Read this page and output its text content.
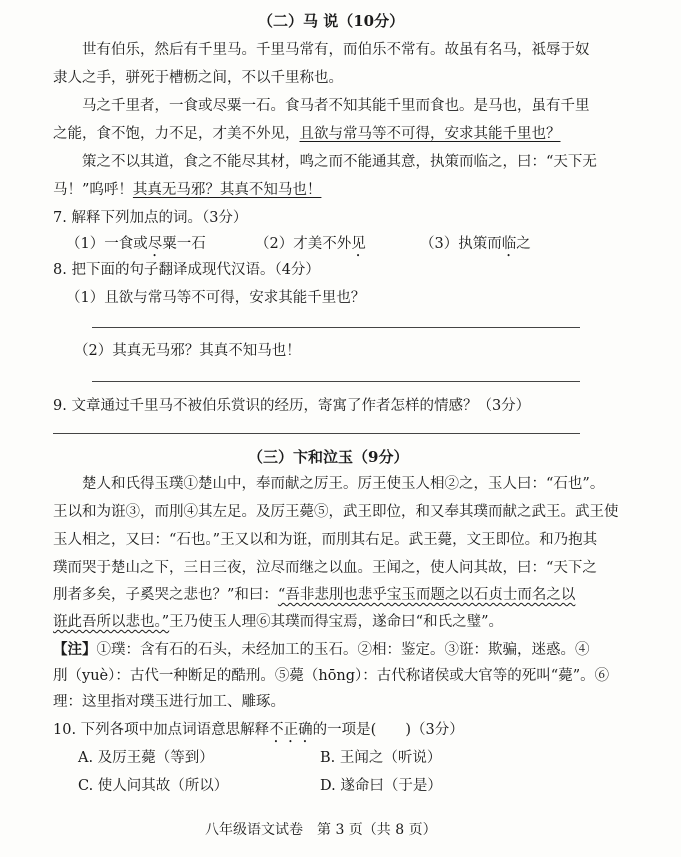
（二）马 说（10分）
世有伯乐，然后有千里马。千里马常有，而伯乐不常有。故虽有名马，祗辱于奴
隶人之手，骈死于槽枥之间，不以千里称也。
马之千里者，一食或尽粟一石。食马者不知其能千里而食也。是马也，虽有千里
之能，食不饱，力不足，才美不外见，且欲与常马等不可得，安求其能千里也？
策之不以其道，食之不能尽其材，鸣之而不能通其意，执策而临之，曰：“天下无
马！”呜呼！其真无马邪？其真不知马也！
7. 解释下列加点的词。（3分）
（1）一食或尽粟一石	（2）才美不外见	（3）执策而临之
8. 把下面的句子翻译成现代汉语。（4分）
（1）且欲与常马等不可得，安求其能千里也？
（2）其真无马邪？其真不知马也！
9. 文章通过千里马不被伯乐赏识的经历，寄寓了作者怎样的情感？（3分）
（三）卞和泣玉（9分）
楚人和氏得玉璞①楚山中，奉而献之厉王。厉王使玉人相②之，玉人曰：“石也”。
王以和为诳③，而刖④其左足。及厉王薨⑤，武王即位，和又奉其璞而献之武王。武王使
玉人相之，又曰：“石也。”王又以和为诳，而刖其右足。武王薨，文王即位。和乃抱其
璞而哭于楚山之下，三日三夜，泣尽而继之以血。王闻之，使人问其故，曰：“天下之
刖者多矣，子奚哭之悲也？”和曰：“吾非悲刖也悲乎宝玉而题之以石贞士而名之以
诳此吾所以悲也。”王乃使玉人理⑥其璞而得宝焉，遂命曰“和氏之璧”。
【注】①璞：含有石的石头，未经加工的玉石。②相：鉴定。③诳：欺骗，迷惑。④
刖（yuè）：古代一种断足的酷刑。⑤薨（hōng）：古代称诸侯或大官等的死叫“薨”。⑥
理：这里指对璞玉进行加工、雕琢。
10. 下列各项中加点词语意思解释不正确的一项是(　　)（3分）
A. 及厉王薨（等到）	B. 王闻之（听说）
C. 使人问其故（所以）	D. 遂命曰（于是）
八年级语文试卷　第 3 页（共 8 页）
